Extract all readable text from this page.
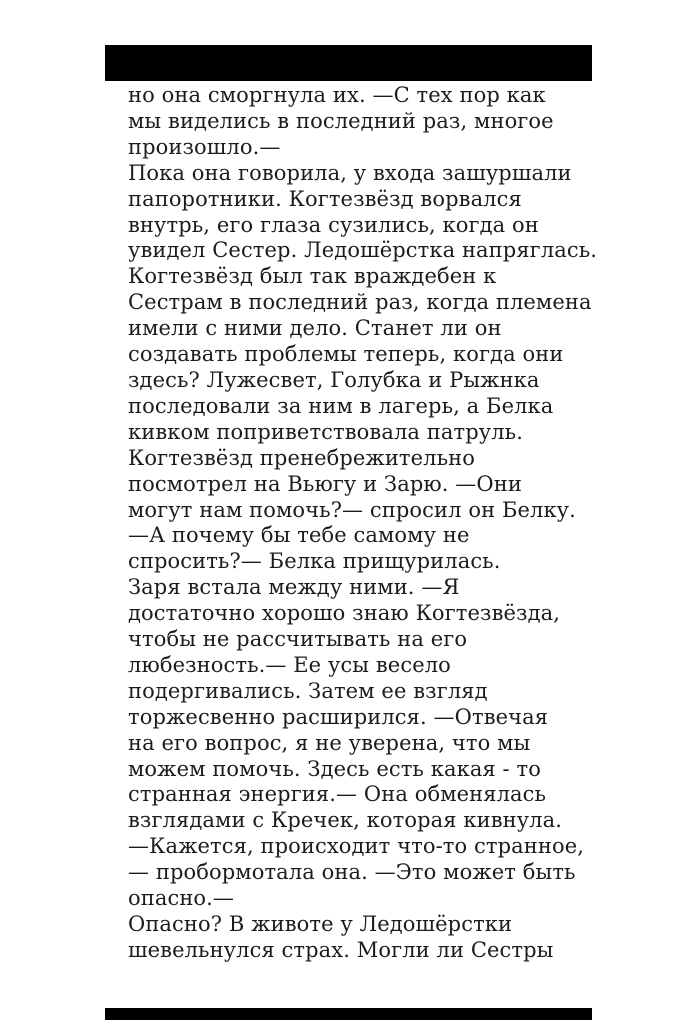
но она сморгнула их. —С тех пор как
мы виделись в последний раз, многое
произошло.—
Пока она говорила, у входа зашуршали
папоротники. Когтезвёзд ворвался
внутрь, его глаза сузились, когда он
увидел Сестер. Ледошёрстка напряглась.
Когтезвёзд был так враждебен к
Сестрам в последний раз, когда племена
имели с ними дело. Станет ли он
создавать проблемы теперь, когда они
здесь? Лужесвет, Голубка и Рыжнка
последовали за ним в лагерь, а Белка
кивком поприветствовала патруль.
Когтезвёзд пренебрежительно
посмотрел на Вьюгу и Зарю. —Они
могут нам помочь?— спросил он Белку.
—А почему бы тебе самому не
спросить?— Белка прищурилась.
Заря встала между ними. —Я
достаточно хорошо знаю Когтезвёзда,
чтобы не рассчитывать на его
любезность.— Ее усы весело
подергивались. Затем ее взгляд
торжесвенно расширился. —Отвечая
на его вопрос, я не уверена, что мы
можем помочь. Здесь есть какая - то
странная энергия.— Она обменялась
взглядами с Кречек, которая кивнула.
—Кажется, происходит что-то странное,
— пробормотала она. —Это может быть
опасно.—
Опасно? В животе у Ледошёрстки
шевельнулся страх. Могли ли Сестры
